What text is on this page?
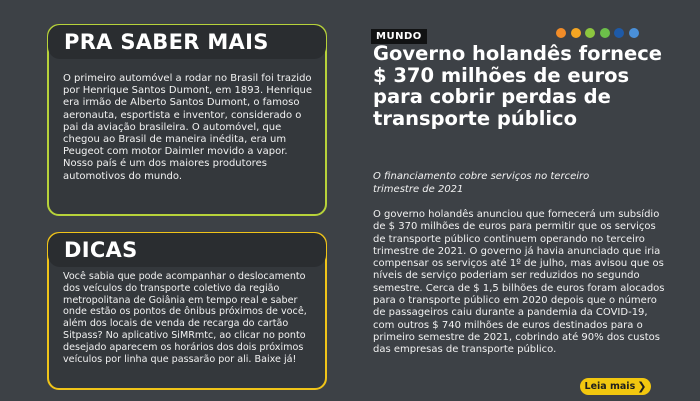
PRA SABER MAIS

O primeiro automóvel a rodar no Brasil foi trazido por Henrique Santos Dumont, em 1893. Henrique era irmão de Alberto Santos Dumont, o famoso aeronauta, esportista e inventor, considerado o pai da aviação brasileira. O automóvel, que chegou ao Brasil de maneira inédita, era um Peugeot com motor Daimler movido a vapor. Nosso país é um dos maiores produtores automotivos do mundo.

DICAS

Você sabia que pode acompanhar o deslocamento dos veículos do transporte coletivo da região metropolitana de Goiânia em tempo real e saber onde estão os pontos de ônibus próximos de você, além dos locais de venda de recarga do cartão Sitpass? No aplicativo SiMRmtc, ao clicar no ponto desejado aparecem os horários dos dois próximos veículos por linha que passarão por ali. Baixe já!

MUNDO
Governo holandês fornece $ 370 milhões de euros para cobrir perdas de transporte público

O financiamento cobre serviços no terceiro trimestre de 2021

O governo holandês anunciou que fornecerá um subsídio de $ 370 milhões de euros para permitir que os serviços de transporte público continuem operando no terceiro trimestre de 2021. O governo já havia anunciado que iria compensar os serviços até 1º de julho, mas avisou que os níveis de serviço poderiam ser reduzidos no segundo semestre. Cerca de $ 1,5 bilhões de euros foram alocados para o transporte público em 2020 depois que o número de passageiros caiu durante a pandemia da COVID-19, com outros $ 740 milhões de euros destinados para o primeiro semestre de 2021, cobrindo até 90% dos custos das empresas de transporte público.

Leia mais ❯
